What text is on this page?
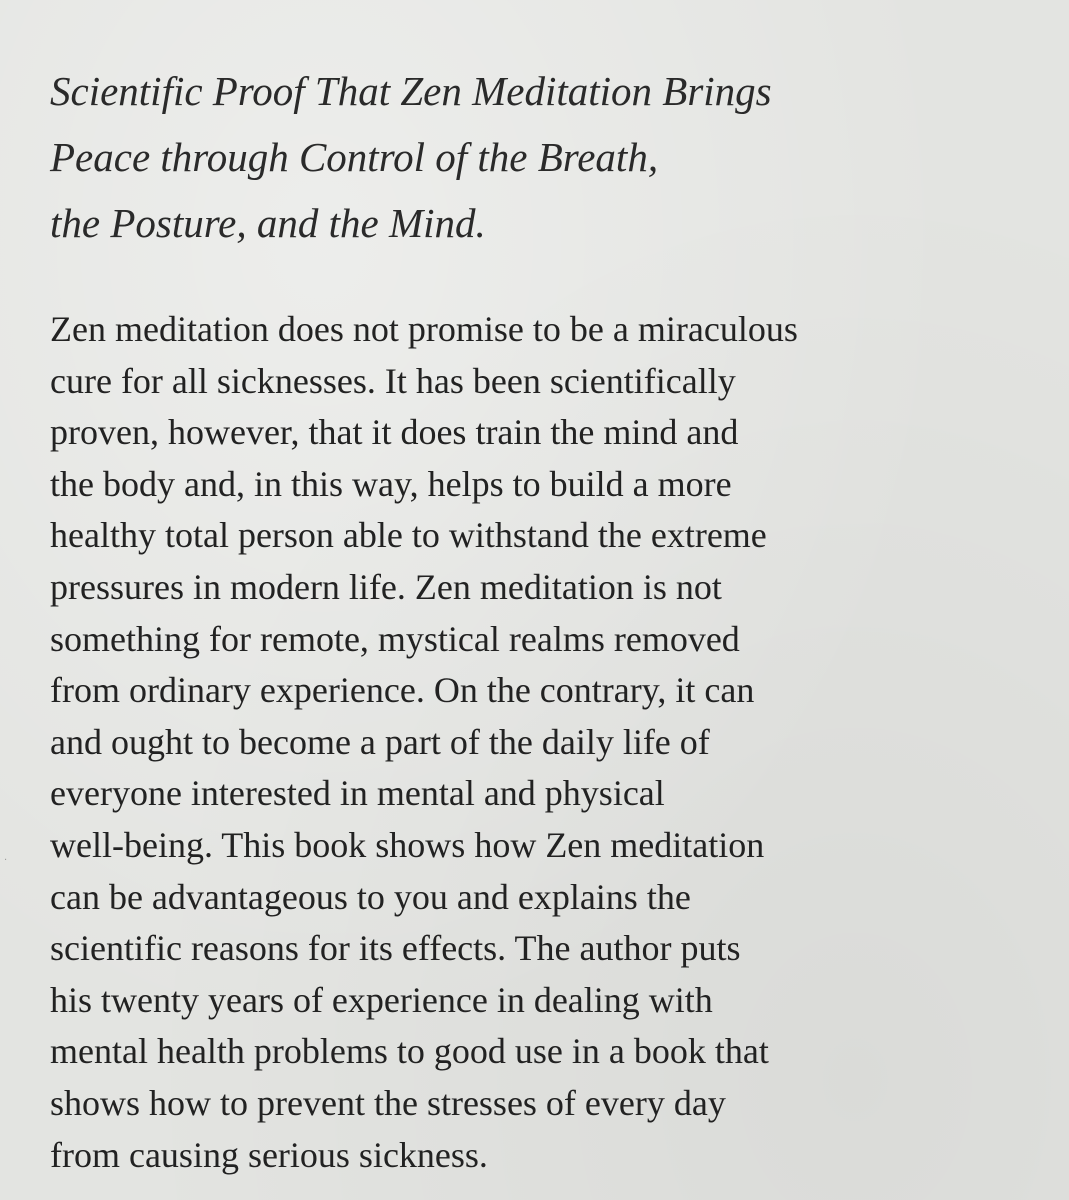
Scientific Proof That Zen Meditation Brings
Peace through Control of the Breath,
the Posture, and the Mind.

Zen meditation does not promise to be a miraculous
cure for all sicknesses. It has been scientifically
proven, however, that it does train the mind and
the body and, in this way, helps to build a more
healthy total person able to withstand the extreme
pressures in modern life. Zen meditation is not
something for remote, mystical realms removed
from ordinary experience. On the contrary, it can
and ought to become a part of the daily life of
everyone interested in mental and physical
well-being. This book shows how Zen meditation
can be advantageous to you and explains the
scientific reasons for its effects. The author puts
his twenty years of experience in dealing with
mental health problems to good use in a book that
shows how to prevent the stresses of every day
from causing serious sickness.

·
